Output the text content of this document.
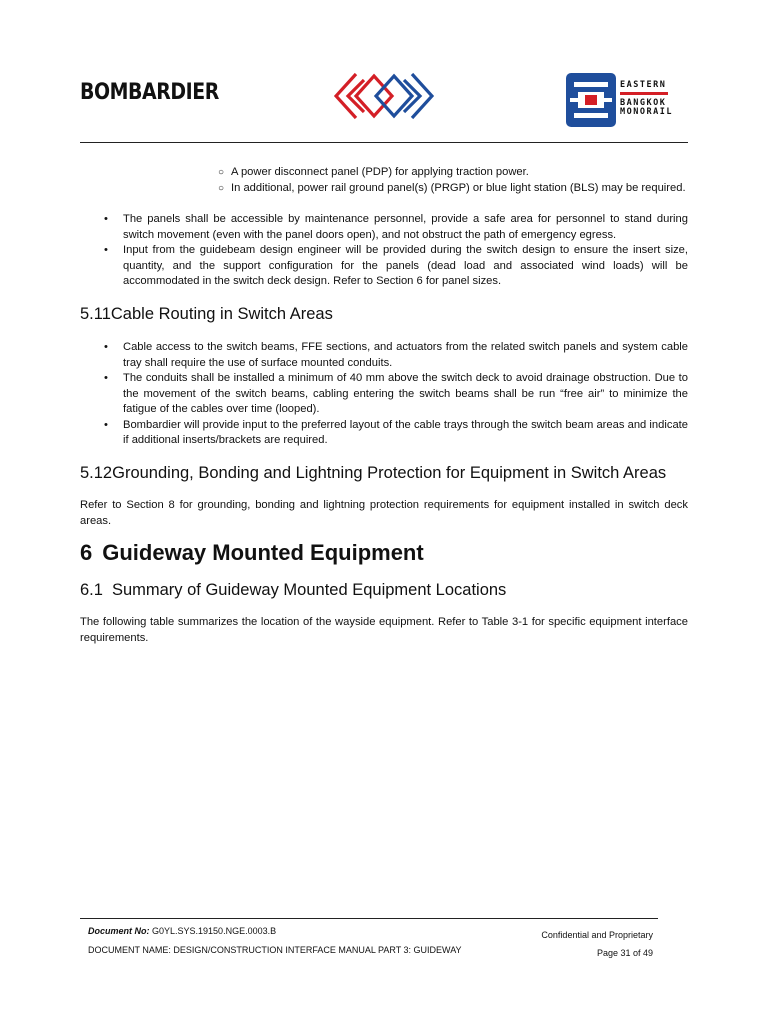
BOMBARDIER	EASTERN
BANGKOK
MONORAIL
○ A power disconnect panel (PDP) for applying traction power.
○ In additional, power rail ground panel(s) (PRGP) or blue light station (BLS) may be required.
• The panels shall be accessible by maintenance personnel, provide a safe area for personnel to stand during switch movement (even with the panel doors open), and not obstruct the path of emergency egress.
• Input from the guidebeam design engineer will be provided during the switch design to ensure the insert size, quantity, and the support configuration for the panels (dead load and associated wind loads) will be accommodated in the switch deck design. Refer to Section 6 for panel sizes.
5.11Cable Routing in Switch Areas
• Cable access to the switch beams, FFE sections, and actuators from the related switch panels and system cable tray shall require the use of surface mounted conduits.
• The conduits shall be installed a minimum of 40 mm above the switch deck to avoid drainage obstruction. Due to the movement of the switch beams, cabling entering the switch beams shall be run “free air” to minimize the fatigue of the cables over time (looped).
• Bombardier will provide input to the preferred layout of the cable trays through the switch beam areas and indicate if additional inserts/brackets are required.
5.12Grounding, Bonding and Lightning Protection for Equipment in Switch Areas
Refer to Section 8 for grounding, bonding and lightning protection requirements for equipment installed in switch deck areas.
6 Guideway Mounted Equipment
6.1 Summary of Guideway Mounted Equipment Locations
The following table summarizes the location of the wayside equipment. Refer to Table 3-1 for specific equipment interface requirements.
Document No: G0YL.SYS.19150.NGE.0003.B
DOCUMENT NAME: DESIGN/CONSTRUCTION INTERFACE MANUAL PART 3: GUIDEWAY
Confidential and Proprietary
Page 31 of 49
